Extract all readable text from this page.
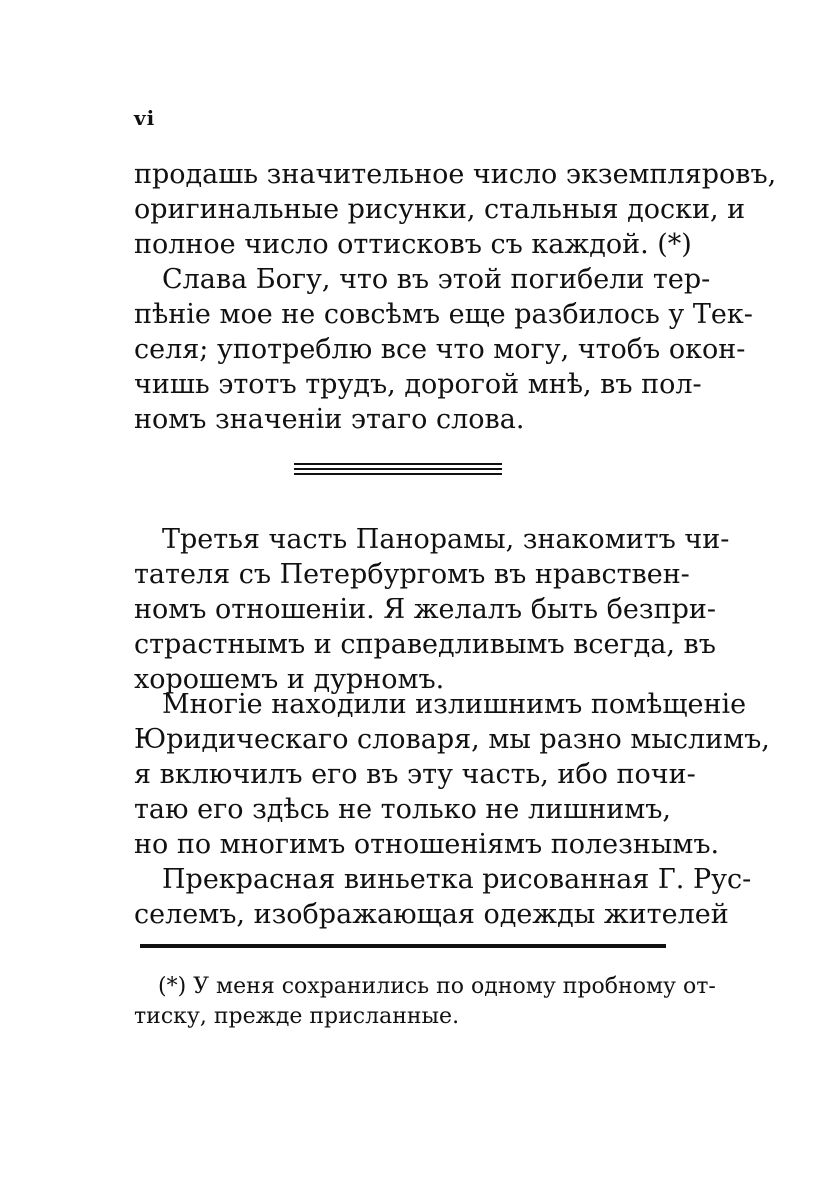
vi
продашь значительное число экземпляровъ,
оригинальные рисунки, стальныя доски, и
полное число оттисковъ съ каждой. (*)
Слава Богу, что въ этой погибели тер-
пѣніе мое не совсѣмъ еще разбилось у Тек-
селя; употреблю все что могу, чтобъ окон-
чишь этотъ трудъ, дорогой мнѣ, въ пол-
номъ значеніи этаго слова.
Третья часть Панорамы, знакомитъ чи-
тателя съ Петербургомъ въ нравствен-
номъ отношеніи. Я желалъ быть безпри-
страстнымъ и справедливымъ всегда, въ
хорошемъ и дурномъ.
Многіе находили излишнимъ помѣщеніе
Юридическаго словаря, мы разно мыслимъ,
я включилъ его въ эту часть, ибо почи-
таю его здѣсь не только не лишнимъ,
но по многимъ отношеніямъ полезнымъ.
Прекрасная виньетка рисованная Г. Рус-
селемъ, изображающая одежды жителей
(*) У меня сохранились по одному пробному от-
тиску, прежде присланные.
